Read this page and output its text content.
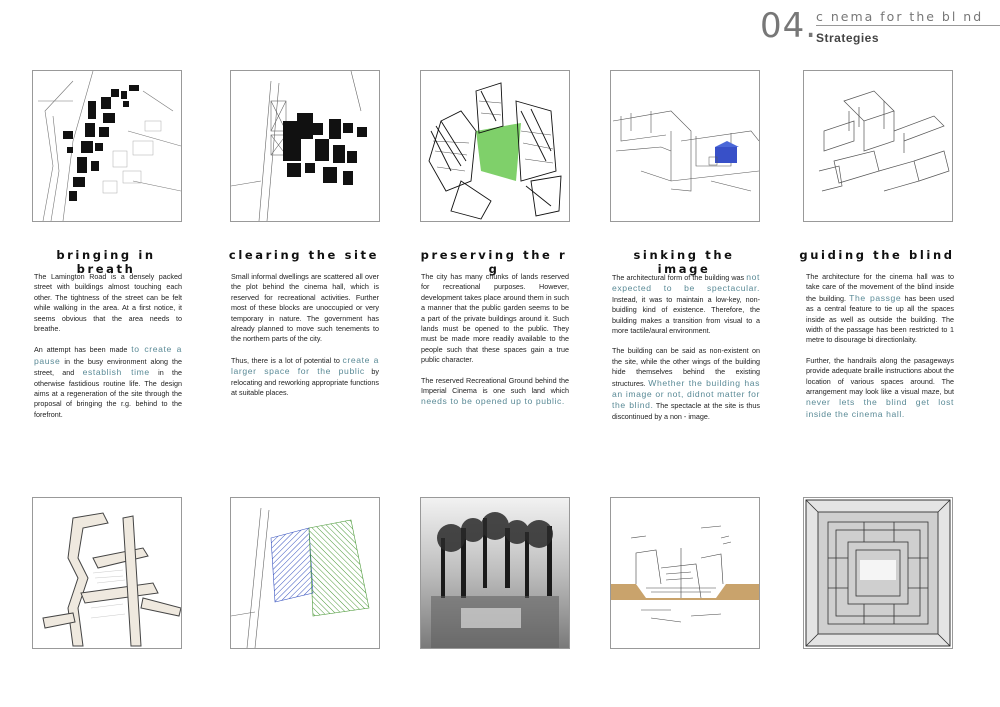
04.
c nema for the bl nd
Strategies
bringing in breath
clearing the site	preserving the r g
sinking the image
guiding the blind

The Lamington Road is a densely packed street with buildings almost touching each other. The tightness of the street can be felt while walking in the area. At a first notice, it seems obvious that the area needs to breathe.

An attempt has been made to create a pause in the busy environment along the street, and establish time in the otherwise fastidious routine life. The design aims at a regeneration of the site through the proposal of bringing the r.g. behind to the forefront.

Small informal dwellings are scattered all over the plot behind the cinema hall, which is reserved for recreational activities. Further most of these blocks are unoccupied or very temporary in nature. The government has already planned to move such tenements to the northern parts of the city.

Thus, there is a lot of potential to create a larger space for the public by relocating and reworking appropriate functions at suitable places.

The city has many chunks of lands reserved for recreational purposes. However, development takes place around them in such a manner that the public garden seems to be a part of the private buildings around it. Such lands must be opened to the public. They must be made more readily available to the people such that these spaces gain a true public character.

The reserved Recreational Ground behind the Imperial Cinema is one such land which needs to be opened up to public.

The architectural form of the building was not expected to be spectacular. Instead, it was to maintain a low-key, non-buidling kind of existence. Therefore, the building makes a transition from visual to a more tactile/aural environment.

The building can be said as non-existent on the site, while the other wings of the building hide themselves behind the existing structures. Whether the building has an image or not, didnot matter for the blind. The spectacle at the site is thus discontinued by a non - image.

The architecture for the cinema hall was to take care of the movement of the blind inside the building. The passge has been used as a central feature to tie up all the spaces inside as well as outside the building. The width of the passage has been restricted to 1 metre to disourage bi directionlaity.

Further, the handrails along the pasageways provide adequate braille instructions about the location of various spaces around. The arrangement may look like a visual maze, but never lets the blind get lost inside the cinema hall.
